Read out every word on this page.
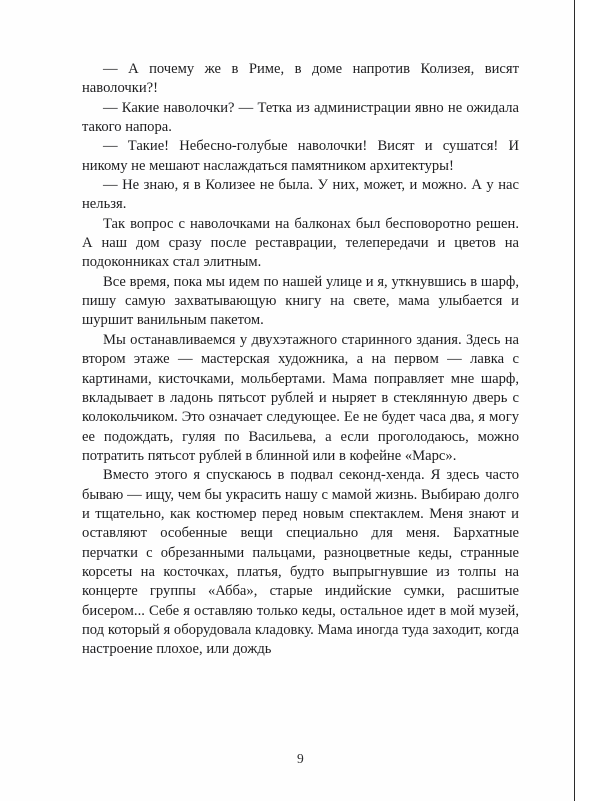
— А почему же в Риме, в доме напротив Колизея, висят наволочки?!

— Какие наволочки? — Тетка из администрации явно не ожидала такого напора.

— Такие! Небесно-голубые наволочки! Висят и сушатся! И никому не мешают наслаждаться памятником архитектуры!

— Не знаю, я в Колизее не была. У них, может, и можно. А у нас нельзя.

Так вопрос с наволочками на балконах был бесповоротно решен. А наш дом сразу после реставрации, телепередачи и цветов на подоконниках стал элитным.

Все время, пока мы идем по нашей улице и я, уткнувшись в шарф, пишу самую захватывающую книгу на свете, мама улыбается и шуршит ванильным пакетом.

Мы останавливаемся у двухэтажного старинного здания. Здесь на втором этаже — мастерская художника, а на первом — лавка с картинами, кисточками, мольбертами. Мама поправляет мне шарф, вкладывает в ладонь пятьсот рублей и ныряет в стеклянную дверь с колокольчиком. Это означает следующее. Ее не будет часа два, я могу ее подождать, гуляя по Васильева, а если проголодаюсь, можно потратить пятьсот рублей в блинной или в кофейне «Марс».

Вместо этого я спускаюсь в подвал секонд-хенда. Я здесь часто бываю — ищу, чем бы украсить нашу с мамой жизнь. Выбираю долго и тщательно, как костюмер перед новым спектаклем. Меня знают и оставляют особенные вещи специально для меня. Бархатные перчатки с обрезанными пальцами, разноцветные кеды, странные корсеты на косточках, платья, будто выпрыгнувшие из толпы на концерте группы «Абба», старые индийские сумки, расшитые бисером... Себе я оставляю только кеды, остальное идет в мой музей, под который я оборудовала кладовку. Мама иногда туда заходит, когда настроение плохое, или дождь

9
